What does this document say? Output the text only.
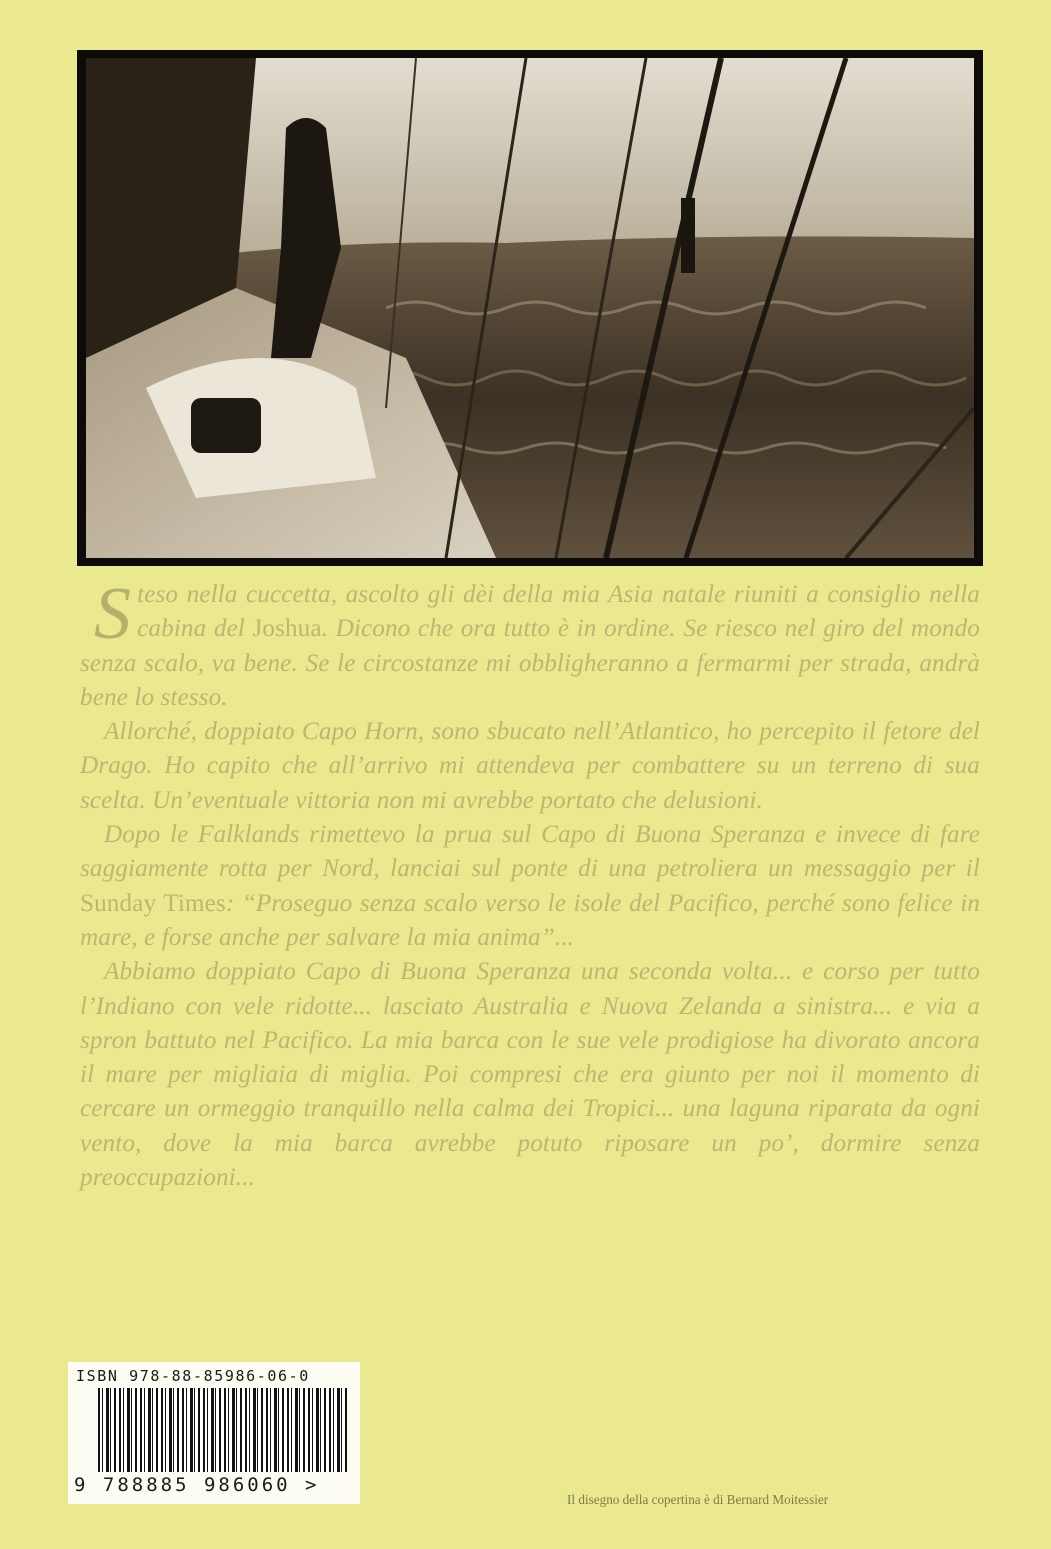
Steso nella cuccetta, ascolto gli dèi della mia Asia natale riuniti a consiglio nella cabina del Joshua. Dicono che ora tutto è in ordine. Se riesco nel giro del mondo senza scalo, va bene. Se le circostanze mi obbligheranno a fermarmi per strada, andrà bene lo stesso.

Allorché, doppiato Capo Horn, sono sbucato nell’Atlantico, ho percepito il fetore del Drago. Ho capito che all’arrivo mi attendeva per combattere su un terreno di sua scelta. Un’eventuale vittoria non mi avrebbe portato che delusioni.

Dopo le Falklands rimettevo la prua sul Capo di Buona Speranza e invece di fare saggiamente rotta per Nord, lanciai sul ponte di una petroliera un messaggio per il Sunday Times: “Proseguo senza scalo verso le isole del Pacifico, perché sono felice in mare, e forse anche per salvare la mia anima”...

Abbiamo doppiato Capo di Buona Speranza una seconda volta... e corso per tutto l’Indiano con vele ridotte... lasciato Australia e Nuova Zelanda a sinistra... e via a spron battuto nel Pacifico. La mia barca con le sue vele prodigiose ha divorato ancora il mare per migliaia di miglia. Poi compresi che era giunto per noi il momento di cercare un ormeggio tranquillo nella calma dei Tropici... una laguna riparata da ogni vento, dove la mia barca avrebbe potuto riposare un po’, dormire senza preoccupazioni...

ISBN 978-88-85986-06-0
9 788885 986060 >
Il disegno della copertina è di Bernard Moitessier
